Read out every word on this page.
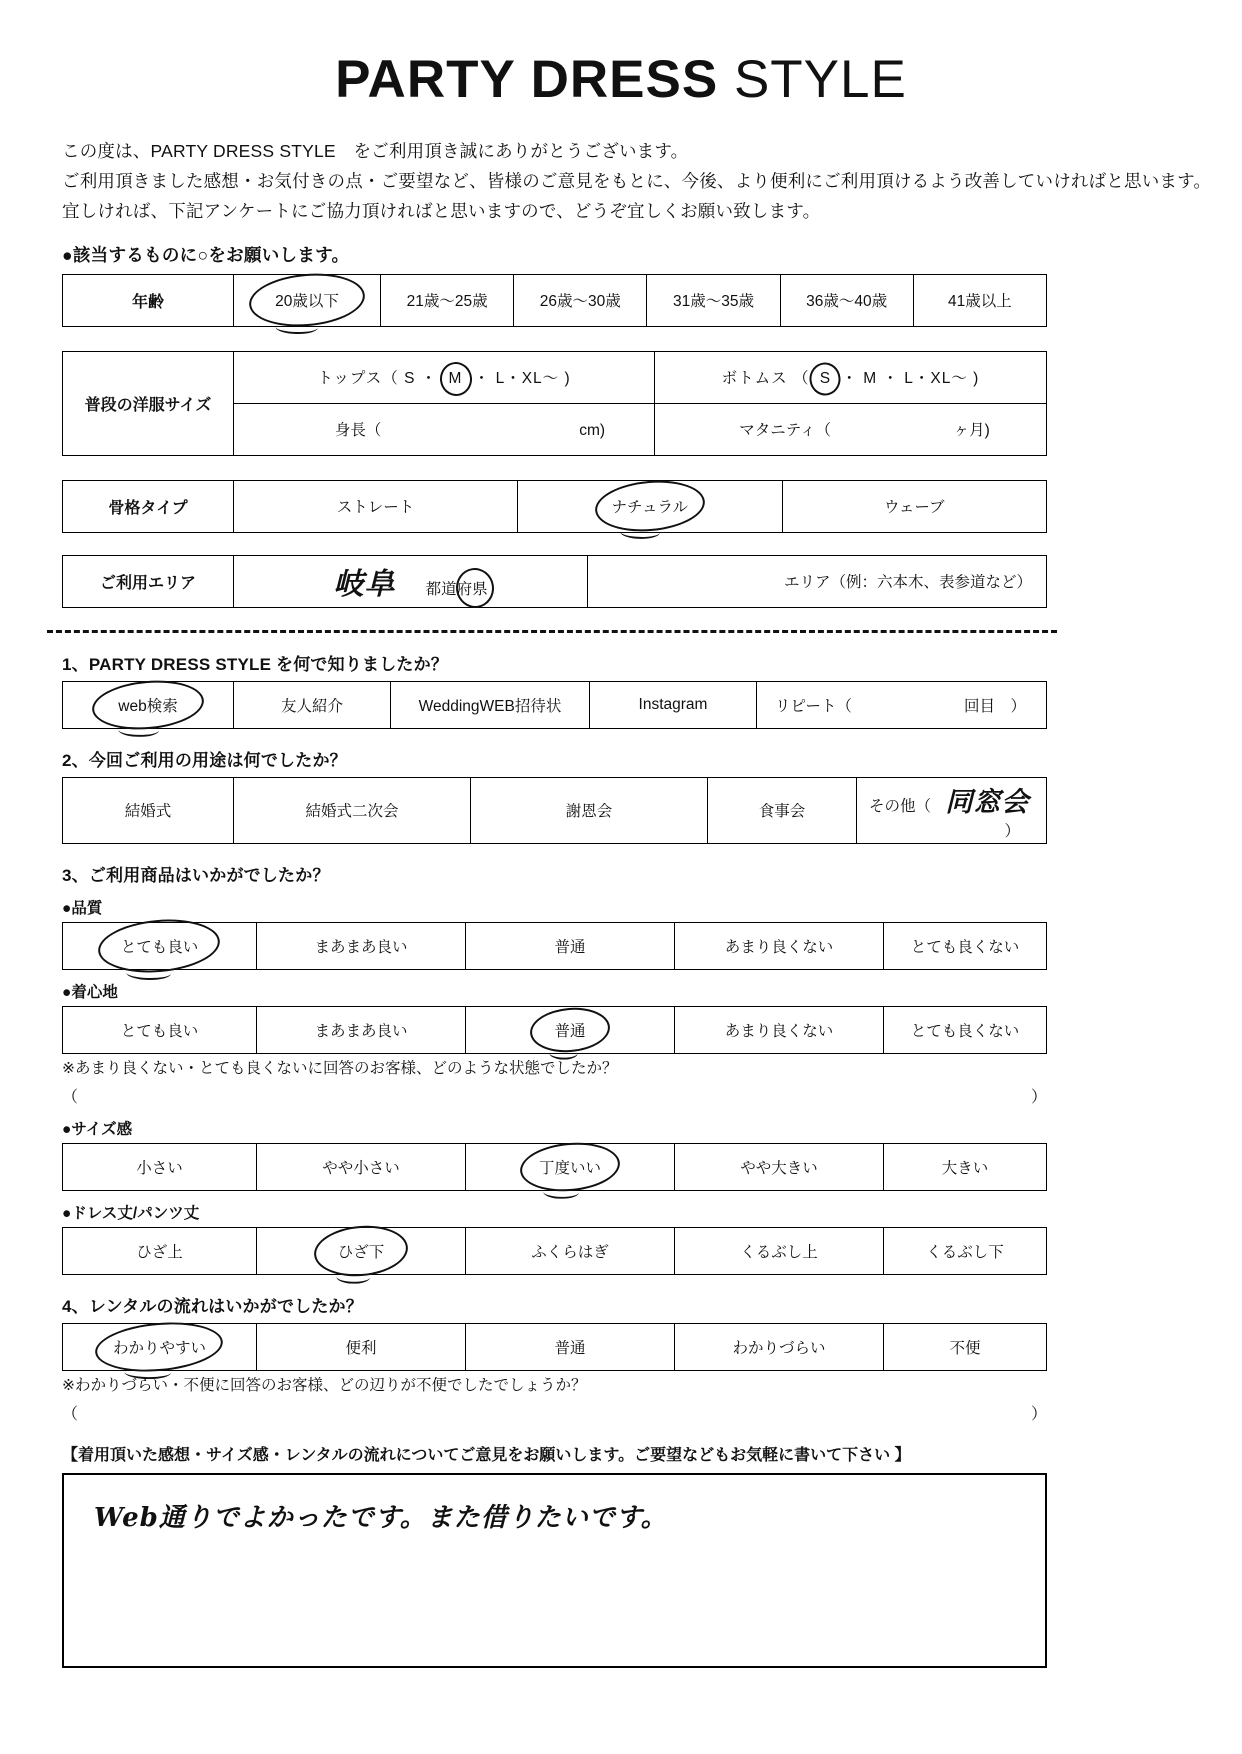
PARTY DRESS STYLE
この度は、PARTY DRESS STYLE　をご利用頂き誠にありがとうございます。
ご利用頂きました感想・お気付きの点・ご要望など、皆様のご意見をもとに、今後、より便利にご利用頂けるよう改善していければと思います。
宜しければ、下記アンケートにご協力頂ければと思いますので、どうぞ宜しくお願い致します。
●該当するものに○をお願いします。
年齢	20歳以下	21歳～25歳	26歳～30歳	31歳～35歳	36歳～40歳	41歳以上
普段の洋服サイズ	トップス（ S ・ M ・ L・XL～ )	ボトムス （ S ・ M ・ L・XL～ )
	身長（ cm)	マタニティ（ ヶ月)
骨格タイプ	ストレート	ナチュラル	ウェーブ
ご利用エリア	岐阜 都道府県	エリア（例：六本木、表参道など）
1、PARTY DRESS STYLE を何で知りましたか？
web検索	友人紹介	WeddingWEB招待状	Instagram	リピート（	回目　）
2、今回ご利用の用途は何でしたか？
結婚式	結婚式二次会	謝恩会	食事会	その他（ 同窓会
）
3、ご利用商品はいかがでしたか？
●品質
とても良い	まあまあ良い	普通	あまり良くない	とても良くない
●着心地
とても良い	まあまあ良い	普通	あまり良くない	とても良くない
※あまり良くない・とても良くないに回答のお客様、どのような状態でしたか？
（	）
●サイズ感
小さい	やや小さい	丁度いい	やや大きい	大きい
●ドレス丈/パンツ丈
ひざ上	ひざ下	ふくらはぎ	くるぶし上	くるぶし下
4、レンタルの流れはいかがでしたか？
わかりやすい	便利	普通	わかりづらい	不便
※わかりづらい・不便に回答のお客様、どの辺りが不便でしたでしょうか？
（	）
【着用頂いた感想・サイズ感・レンタルの流れについてご意見をお願いします。ご要望などもお気軽に書いて下さい 】
Web通りでよかったです。また借りたいです。
